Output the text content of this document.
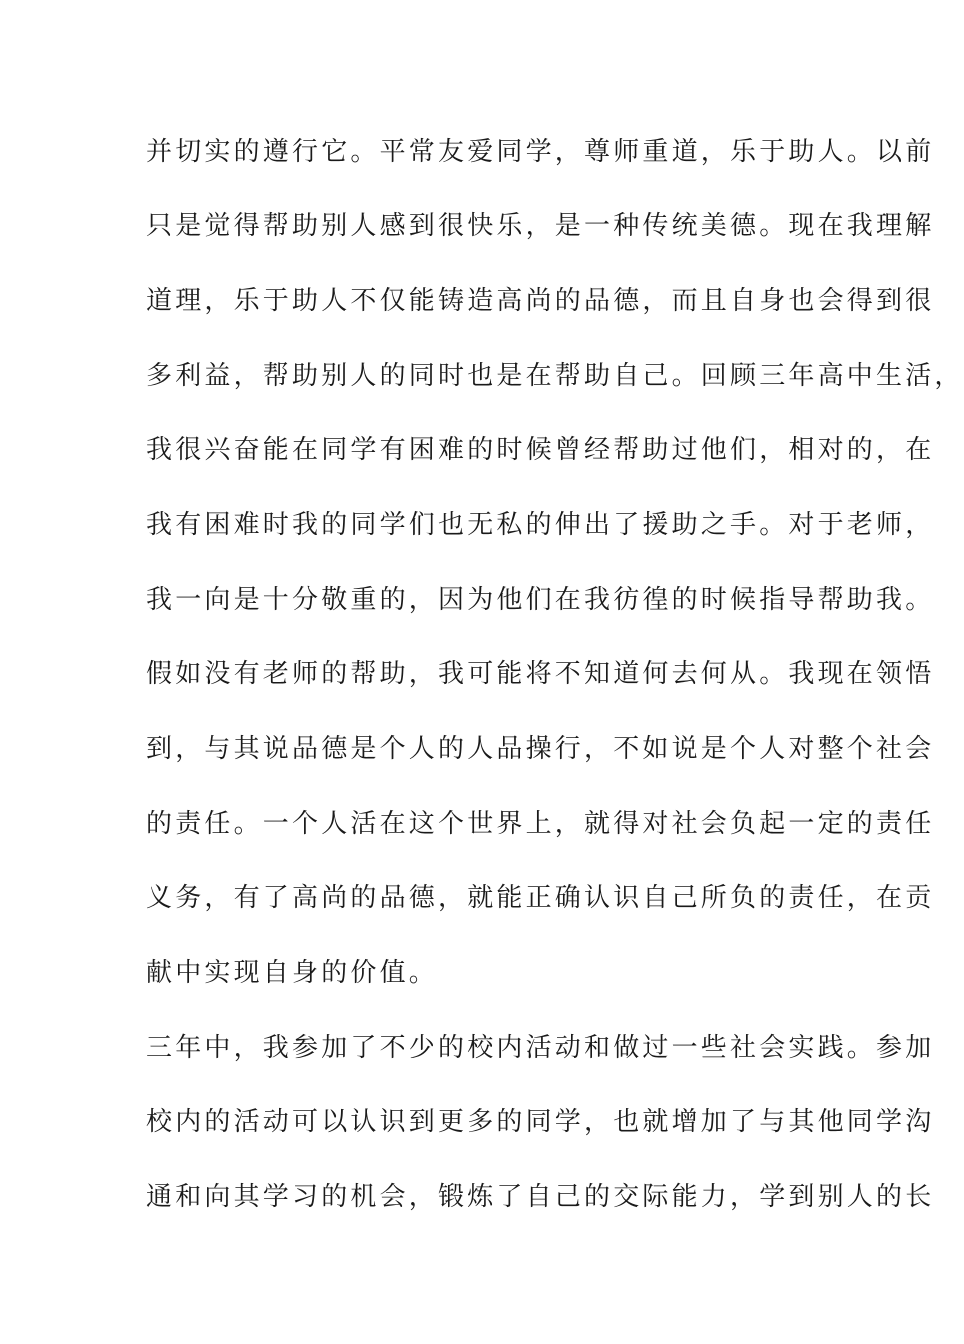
并切实的遵行它。平常友爱同学，尊师重道，乐于助人。以前
只是觉得帮助别人感到很快乐，是一种传统美德。现在我理解
道理，乐于助人不仅能铸造高尚的品德，而且自身也会得到很
多利益，帮助别人的同时也是在帮助自己。回顾三年高中生活，
我很兴奋能在同学有困难的时候曾经帮助过他们，相对的，在
我有困难时我的同学们也无私的伸出了援助之手。对于老师，
我一向是十分敬重的，因为他们在我彷徨的时候指导帮助我。
假如没有老师的帮助，我可能将不知道何去何从。我现在领悟
到，与其说品德是个人的人品操行，不如说是个人对整个社会
的责任。一个人活在这个世界上，就得对社会负起一定的责任
义务，有了高尚的品德，就能正确认识自己所负的责任，在贡
献中实现自身的价值。
三年中，我参加了不少的校内活动和做过一些社会实践。参加
校内的活动可以认识到更多的同学，也就增加了与其他同学沟
通和向其学习的机会，锻炼了自己的交际能力，学到别人的长
